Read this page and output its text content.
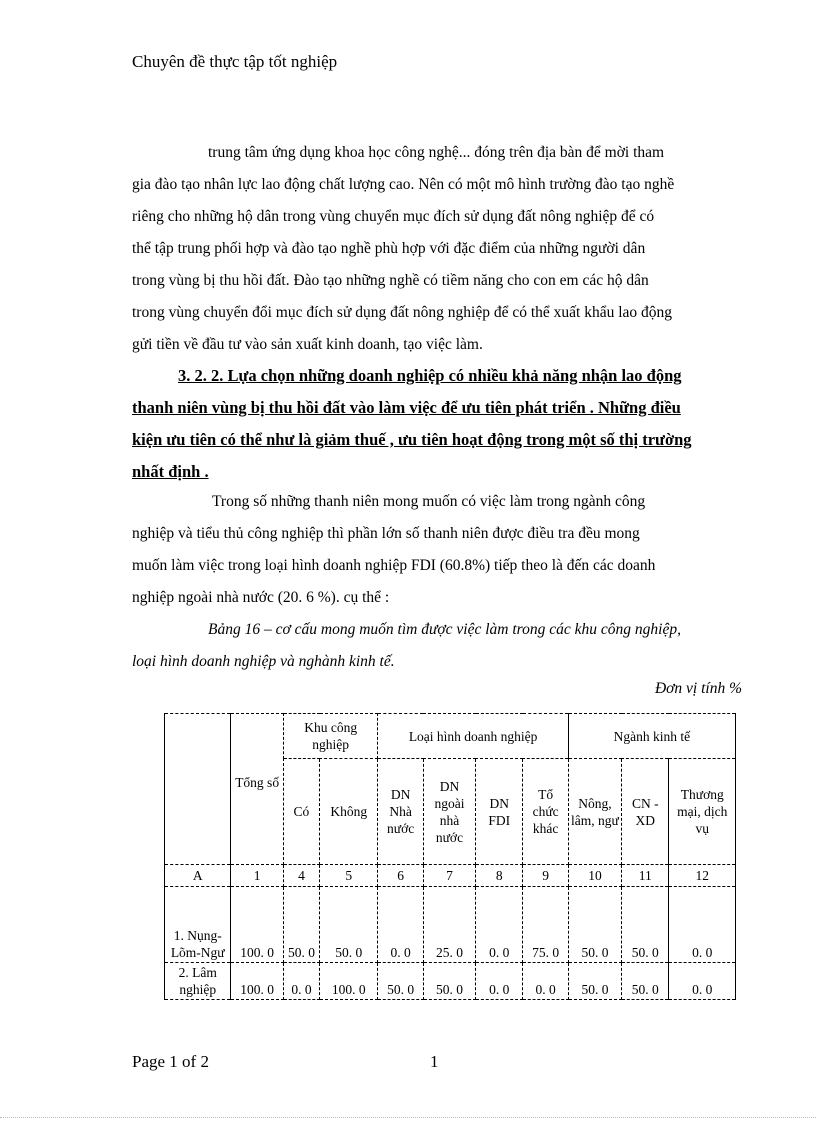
Chuyên đề thực tập tốt nghiệp
trung tâm ứng dụng khoa học công nghệ... đóng trên địa bàn để mời tham
gia đào tạo nhân lực lao động chất lượng cao. Nên có một mô hình trường đào tạo nghề
riêng cho những hộ dân trong vùng chuyển mục đích sử dụng đất nông nghiệp để có
thể tập trung phối hợp và đào tạo nghề phù hợp với đặc điểm của những người dân
trong vùng bị thu hồi đất. Đào tạo những nghề có tiềm năng cho con em các hộ dân
trong vùng chuyển đổi mục đích sử dụng đất nông nghiệp để có thể xuất khẩu lao động
gửi tiền về đầu tư vào sản xuất kinh doanh, tạo việc làm.
3. 2. 2. Lựa chọn những doanh nghiệp có nhiều khả năng nhận lao động
thanh niên vùng bị thu hồi đất vào làm việc để ưu tiên phát triển . Những điều
kiện ưu tiên có thể như là giảm thuế , ưu tiên hoạt động trong một số thị trường
nhất định .
Trong số những thanh niên mong muốn có việc làm trong ngành công
nghiệp và tiểu thủ công nghiệp thì phần lớn số thanh niên được điều tra đều mong
muốn làm việc trong loại hình doanh nghiệp FDI (60.8%) tiếp theo là đến các doanh
nghiệp ngoài nhà nước (20. 6 %). cụ thể :
Bảng 16 – cơ cấu mong muốn tìm được việc làm trong các khu công nghiệp,
loại hình doanh nghiệp và nghành kinh tế.
Đơn vị tính %
	Tổng số	Khu công nghiệp		Loại hình doanh nghiệp				Ngành kinh tế		
		Có	Không	DN Nhà nước	DN ngoài nhà nước	DN FDI	Tổ chức khác	Nông, lâm, ngư	CN - XD	Thương mại, dịch vụ
A	1	4	5	6	7	8	9	10	11	12
1. Nụng-Lõm-Ngư	100. 0	50. 0	50. 0	0. 0	25. 0	0. 0	75. 0	50. 0	50. 0	0. 0
2. Lâm nghiệp	100. 0	0. 0	100. 0	50. 0	50. 0	0. 0	0. 0	50. 0	50. 0	0. 0
Page 1 of 2	1
